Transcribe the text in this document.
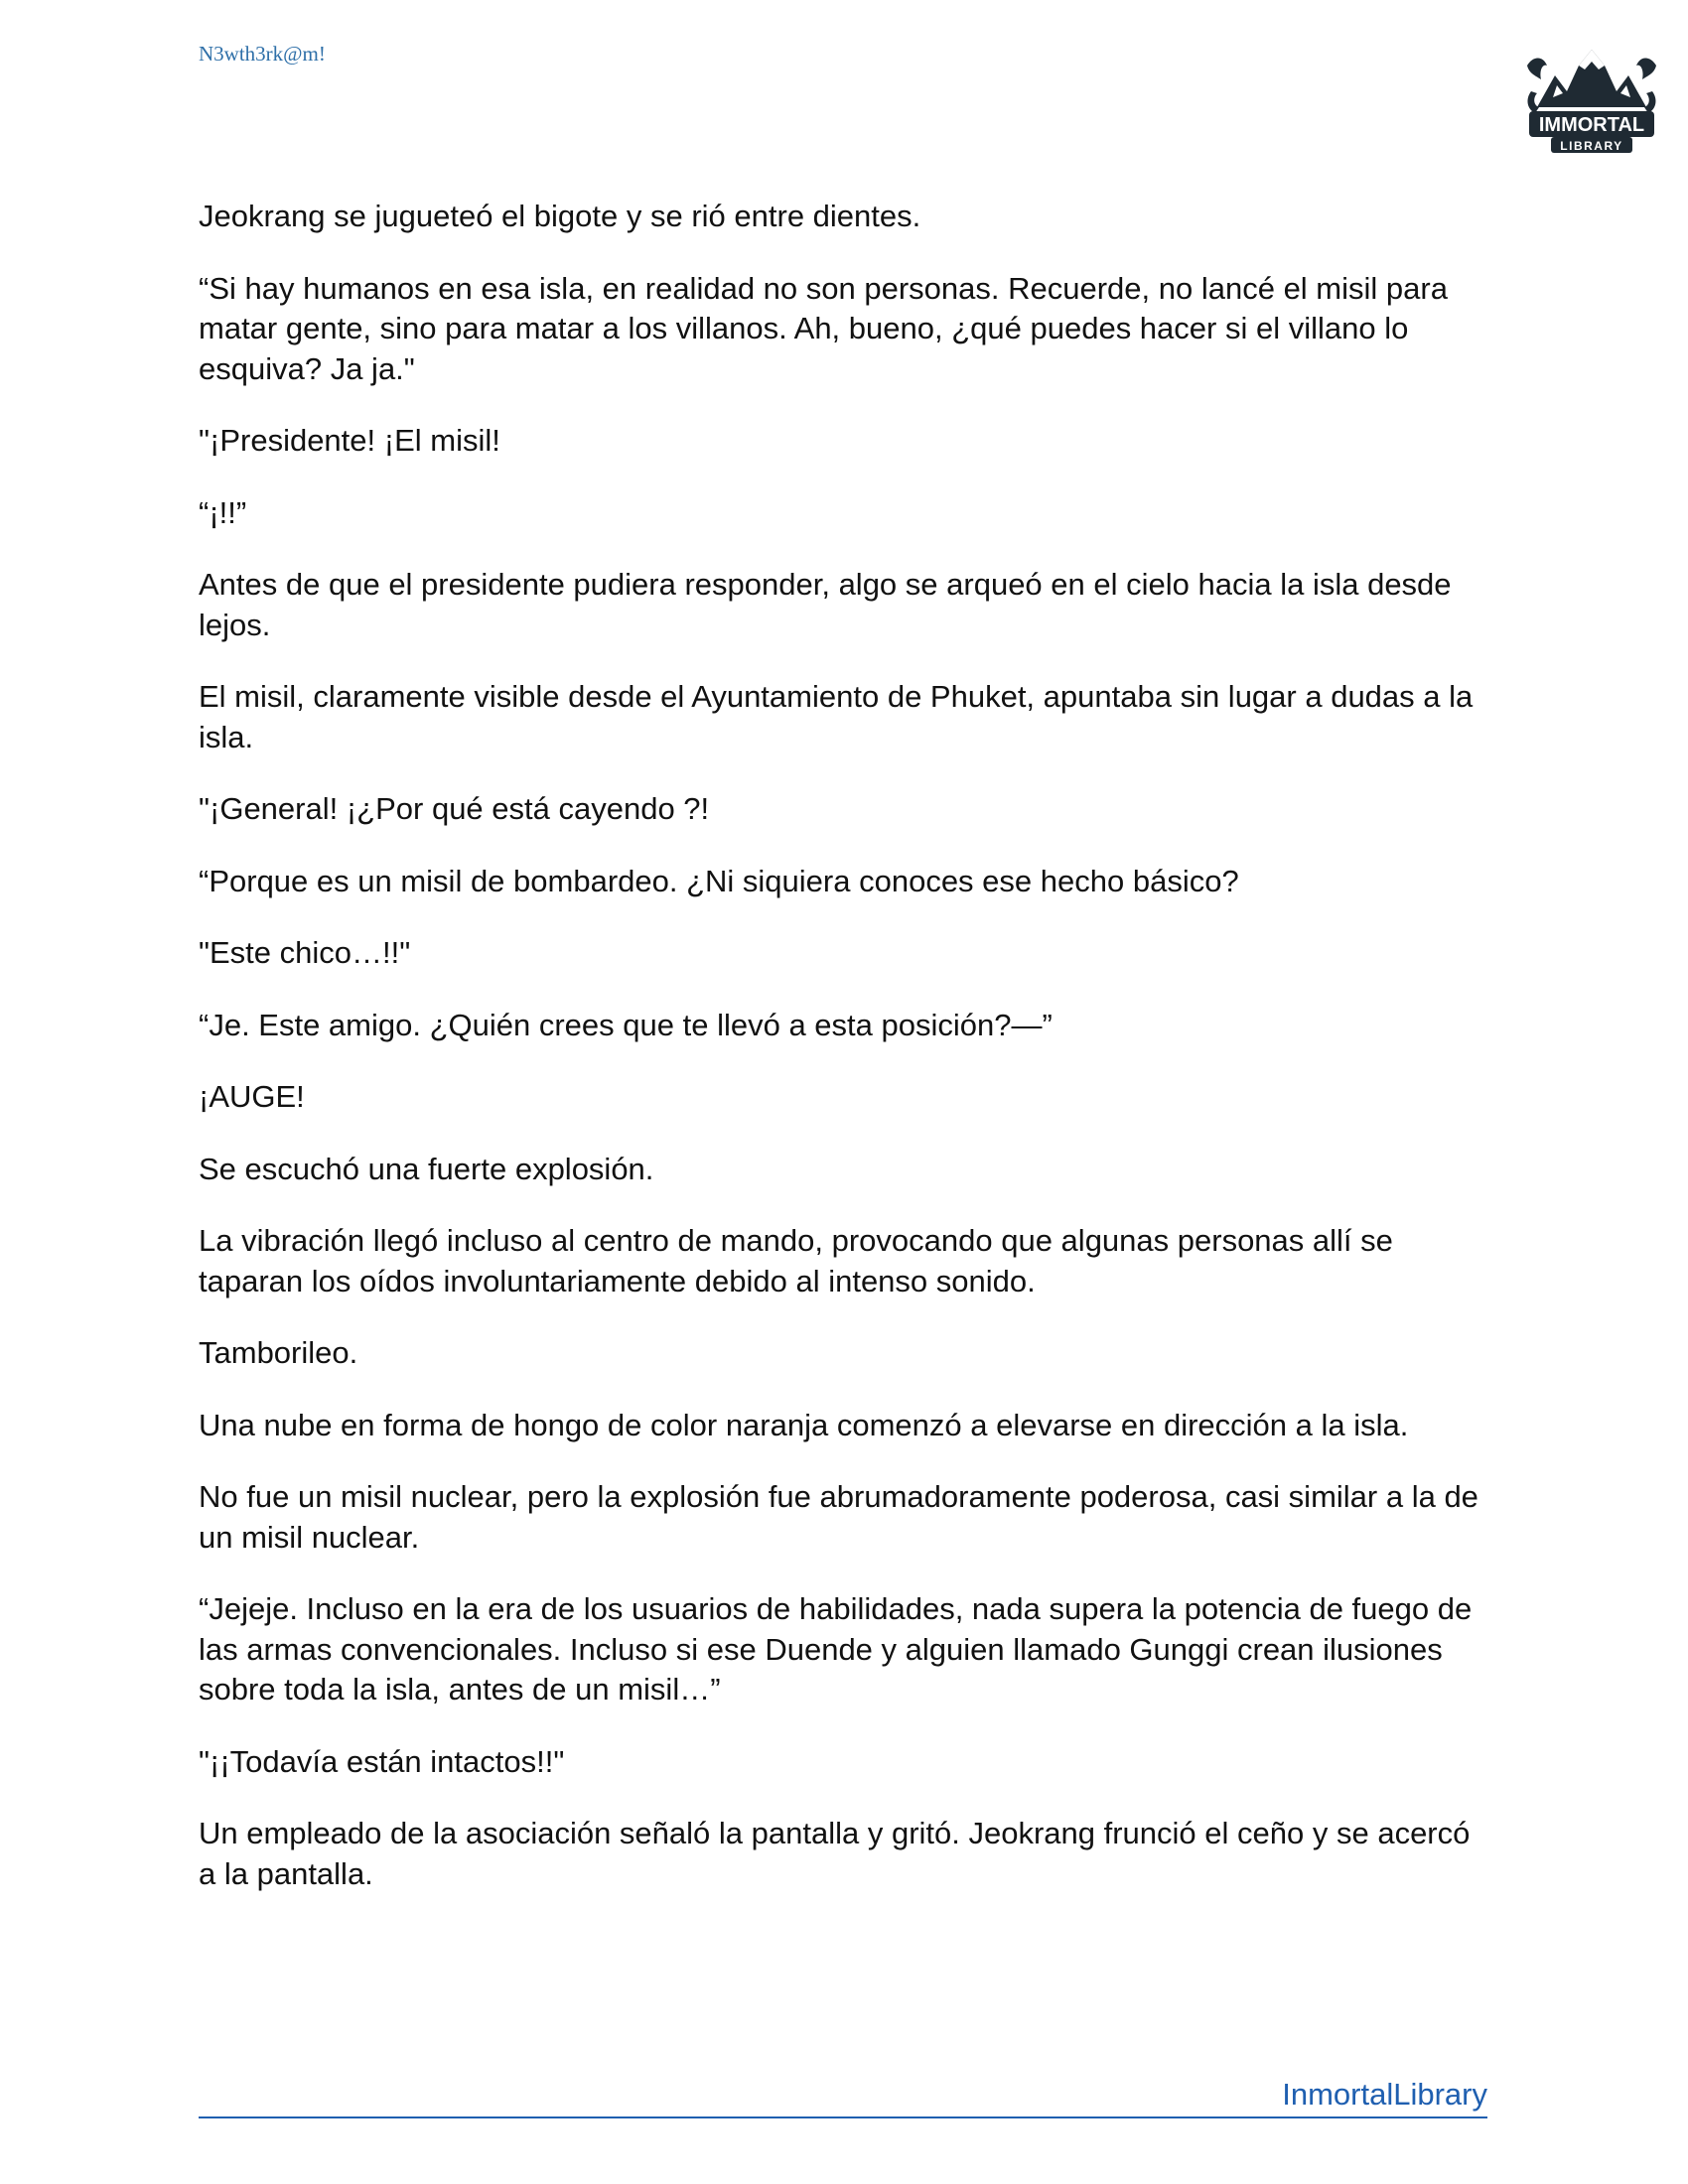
N3wth3rk@m!
IMMORTAL
LIBRARY

Jeokrang se jugueteó el bigote y se rió entre dientes.

“Si hay humanos en esa isla, en realidad no son personas. Recuerde, no lancé el misil para matar gente, sino para matar a los villanos. Ah, bueno, ¿qué puedes hacer si el villano lo esquiva? Ja ja."

"¡Presidente! ¡El misil!

“¡!!”

Antes de que el presidente pudiera responder, algo se arqueó en el cielo hacia la isla desde lejos.

El misil, claramente visible desde el Ayuntamiento de Phuket, apuntaba sin lugar a dudas a la isla.

"¡General! ¡¿Por qué está cayendo ?!

“Porque es un misil de bombardeo. ¿Ni siquiera conoces ese hecho básico?

"Este chico…!!"

“Je. Este amigo. ¿Quién crees que te llevó a esta posición?—”

¡AUGE!

Se escuchó una fuerte explosión.

La vibración llegó incluso al centro de mando, provocando que algunas personas allí se taparan los oídos involuntariamente debido al intenso sonido.

Tamborileo.

Una nube en forma de hongo de color naranja comenzó a elevarse en dirección a la isla.

No fue un misil nuclear, pero la explosión fue abrumadoramente poderosa, casi similar a la de un misil nuclear.

“Jejeje. Incluso en la era de los usuarios de habilidades, nada supera la potencia de fuego de las armas convencionales. Incluso si ese Duende y alguien llamado Gunggi crean ilusiones sobre toda la isla, antes de un misil…”

"¡¡Todavía están intactos!!"

Un empleado de la asociación señaló la pantalla y gritó. Jeokrang frunció el ceño y se acercó a la pantalla.

InmortalLibrary
